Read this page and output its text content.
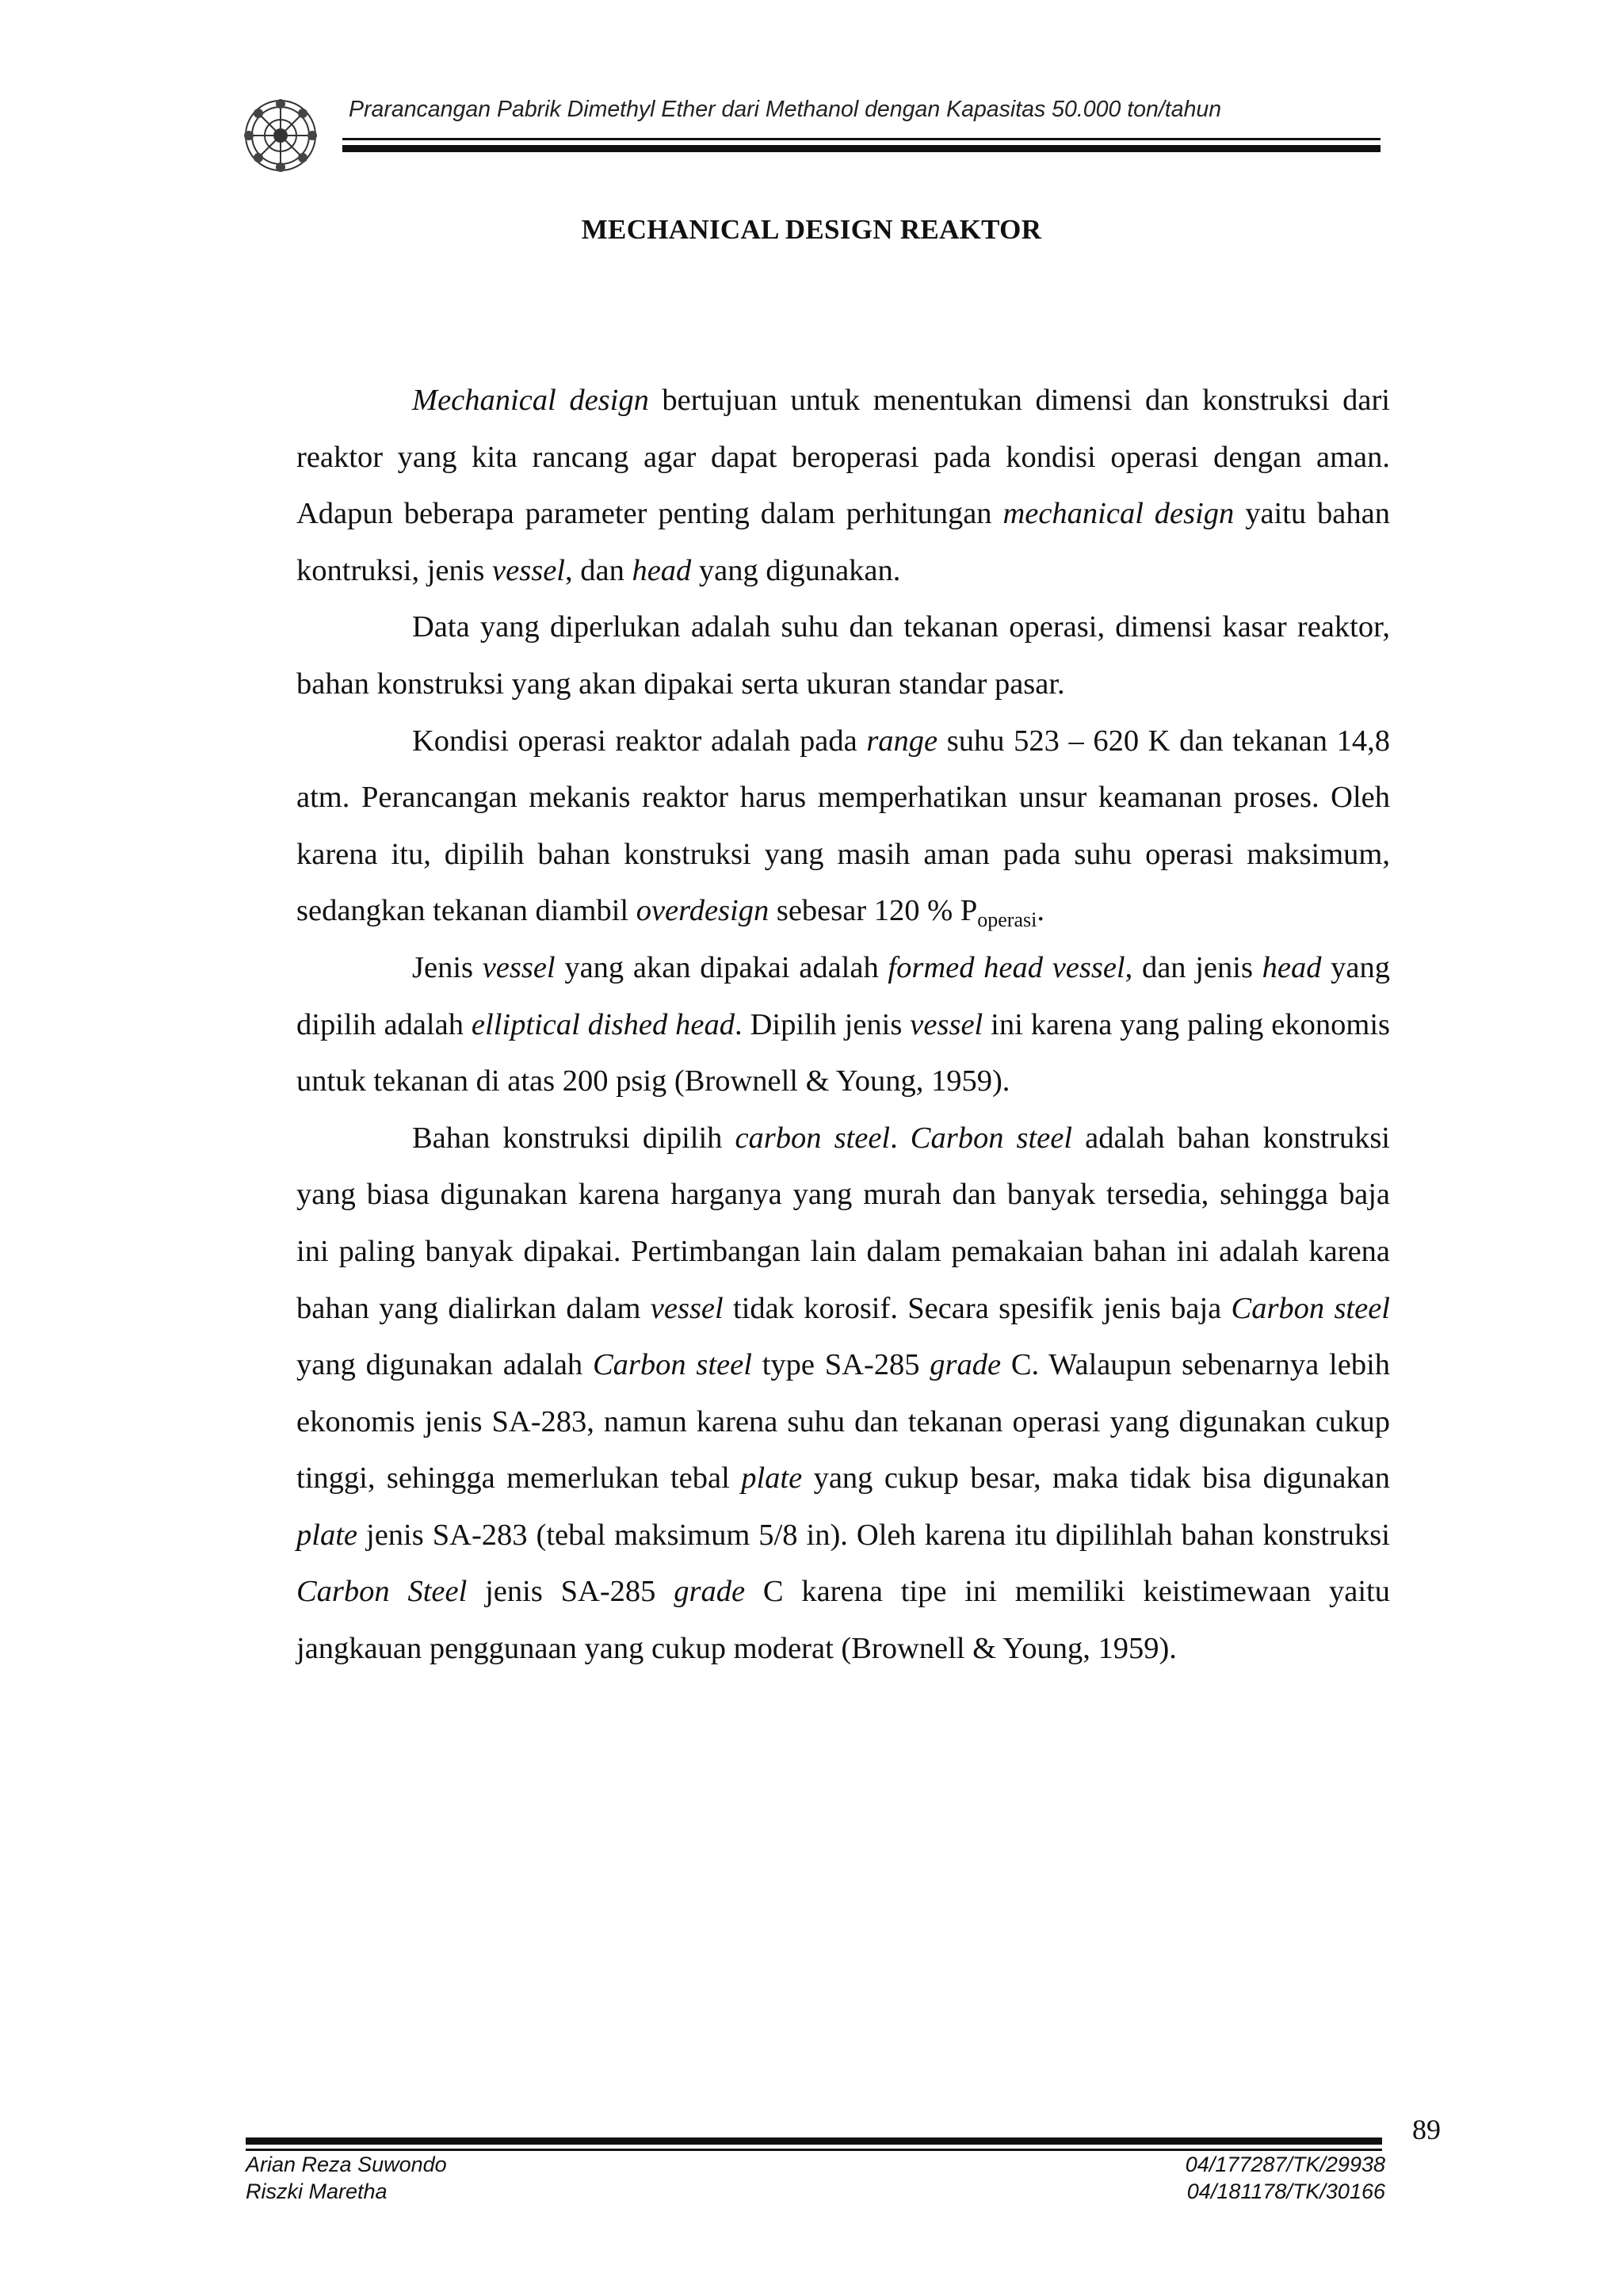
Prarancangan Pabrik Dimethyl Ether dari Methanol dengan Kapasitas 50.000 ton/tahun
MECHANICAL DESIGN REAKTOR

Mechanical design bertujuan untuk menentukan dimensi dan konstruksi dari reaktor yang kita rancang agar dapat beroperasi pada kondisi operasi dengan aman. Adapun beberapa parameter penting dalam perhitungan mechanical design yaitu bahan kontruksi, jenis vessel, dan head yang digunakan.

Data yang diperlukan adalah suhu dan tekanan operasi, dimensi kasar reaktor, bahan konstruksi yang akan dipakai serta ukuran standar pasar.

Kondisi operasi reaktor adalah pada range suhu 523 – 620 K dan tekanan 14,8 atm. Perancangan mekanis reaktor harus memperhatikan unsur keamanan proses. Oleh karena itu, dipilih bahan konstruksi yang masih aman pada suhu operasi maksimum, sedangkan tekanan diambil overdesign sebesar 120 % $P_{operasi}$.

Jenis vessel yang akan dipakai adalah formed head vessel, dan jenis head yang dipilih adalah elliptical dished head. Dipilih jenis vessel ini karena yang paling ekonomis untuk tekanan di atas 200 psig (Brownell & Young, 1959).

Bahan konstruksi dipilih carbon steel. Carbon steel adalah bahan konstruksi yang biasa digunakan karena harganya yang murah dan banyak tersedia, sehingga baja ini paling banyak dipakai. Pertimbangan lain dalam pemakaian bahan ini adalah karena bahan yang dialirkan dalam vessel tidak korosif. Secara spesifik jenis baja Carbon steel yang digunakan adalah Carbon steel type SA-285 grade C. Walaupun sebenarnya lebih ekonomis jenis SA-283, namun karena suhu dan tekanan operasi yang digunakan cukup tinggi, sehingga memerlukan tebal plate yang cukup besar, maka tidak bisa digunakan plate jenis SA-283 (tebal maksimum 5/8 in). Oleh karena itu dipilihlah bahan konstruksi Carbon Steel jenis SA-285 grade C karena tipe ini memiliki keistimewaan yaitu jangkauan penggunaan yang cukup moderat (Brownell & Young, 1959).

89
Arian Reza Suwondo	04/177287/TK/29938
Riszki Maretha	04/181178/TK/30166
